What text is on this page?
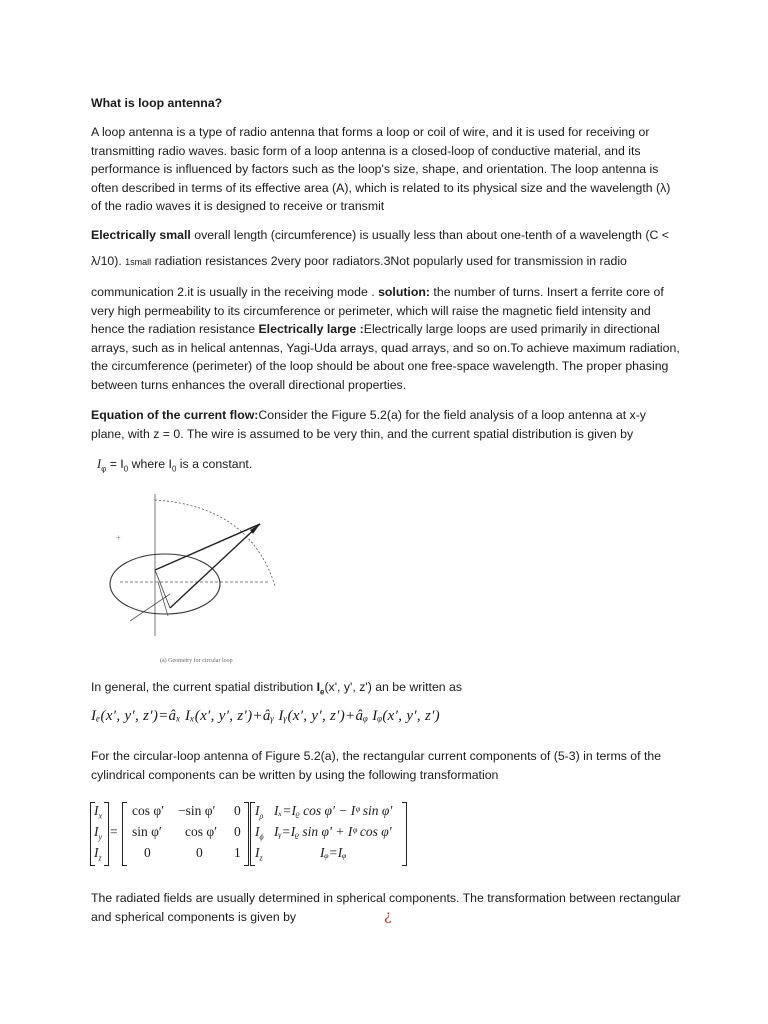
What is loop antenna?

A loop antenna is a type of radio antenna that forms a loop or coil of wire, and it is used for receiving or transmitting radio waves. basic form of a loop antenna is a closed-loop of conductive material, and its performance is influenced by factors such as the loop's size, shape, and orientation. The loop antenna is often described in terms of its effective area (A), which is related to its physical size and the wavelength (λ) of the radio waves it is designed to receive or transmit

Electrically small overall length (circumference) is usually less than about one-tenth of a wavelength (C <

λ/10). 1small radiation resistances 2very poor radiators.3Not popularly used for transmission in radio

communication 2.it is usually in the receiving mode . solution: the number of turns. Insert a ferrite core of very high permeability to its circumference or perimeter, which will raise the magnetic field intensity and hence the radiation resistance Electrically large :Electrically large loops are used primarily in directional arrays, such as in helical antennas, Yagi-Uda arrays, quad arrays, and so on.To achieve maximum radiation, the circumference (perimeter) of the loop should be about one free-space wavelength. The proper phasing between turns enhances the overall directional properties.

Equation of the current flow:Consider the Figure 5.2(a) for the field analysis of a loop antenna at x-y plane, with z = 0. The wire is assumed to be very thin, and the current spatial distribution is given by

$I_\varphi = I_0$ where $I_0$ is a constant.

+
(a) Geometry for circular loop

In general, the current spatial distribution $I_e(x'$, y', z') an be written as

Iₑ(x′, y′, z′)=âₓ Iₓ(x′, y′, z′)+âᵧ Iᵧ(x′, y′, z′)+âᵩ Iᵩ(x′, y′, z′)

For the circular-loop antenna of Figure 5.2(a), the rectangular current components of (5-3) in terms of the cylindrical components can be written by using the following transformation

$I_x$
$I_y$
$I_z$
=
cos φ′ −sin φ′ 0
sin φ′ cos φ′ 0
0	0 1
$I_\rho$
$I_\phi$
$I_z$
Iₓ=Iᵨ cos φ′ − Iᵠ sin φ′
Iᵧ=Iᵨ sin φ′ + Iᵠ cos φ′
Iᵩ=Iᵩ

The radiated fields are usually determined in spherical components. The transformation between rectangular and spherical components is given by	¿
